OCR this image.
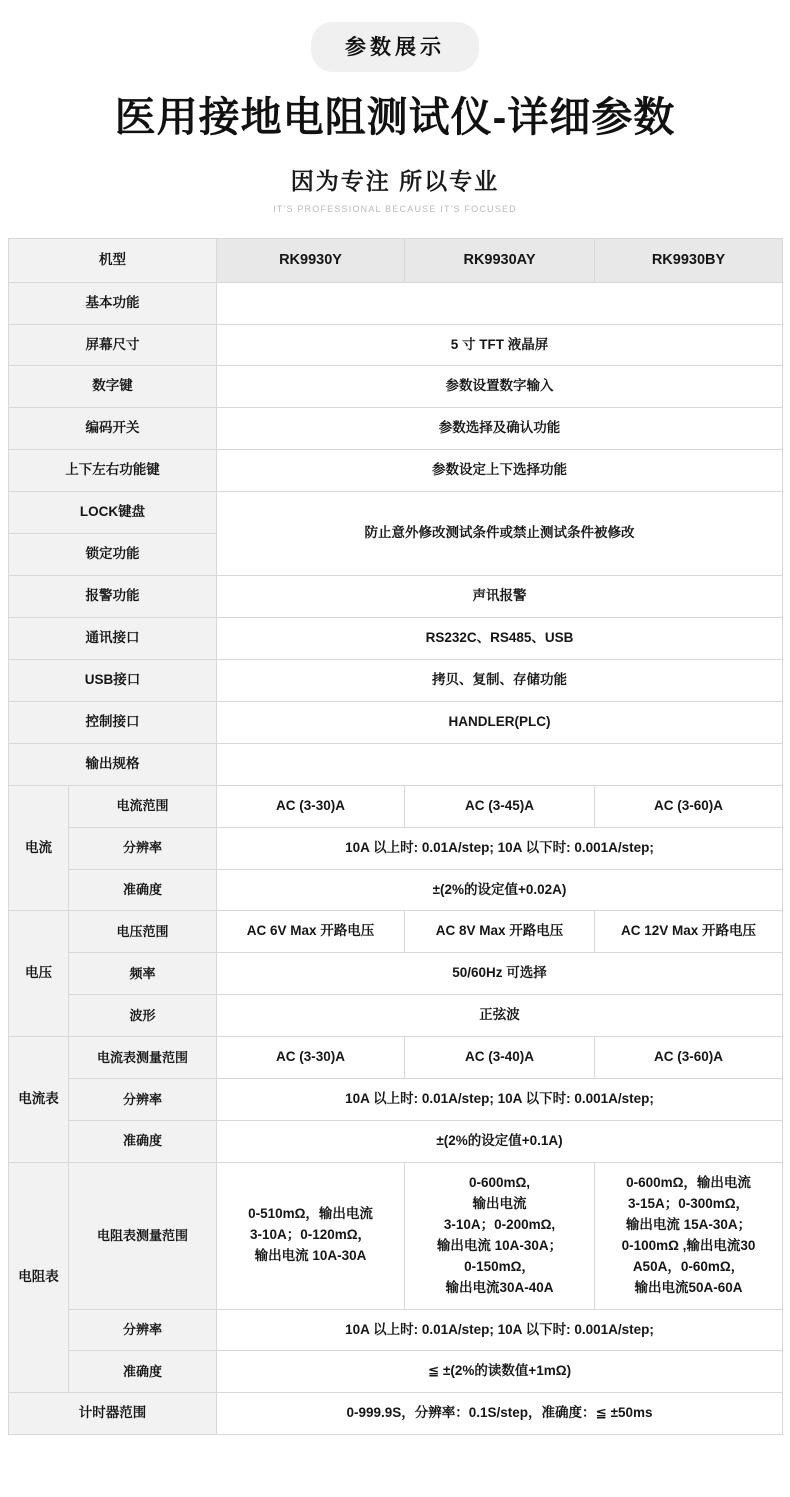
参数展示
医用接地电阻测试仪-详细参数
因为专注 所以专业
IT'S PROFESSIONAL BECAUSE IT'S FOCUSED
机型		RK9930Y	RK9930AY	RK9930BY
基本功能				
屏幕尺寸		5 寸 TFT 液晶屏		
数字键		参数设置数字输入		
编码开关		参数选择及确认功能		
上下左右功能键		参数设定上下选择功能		
LOCK键盘		防止意外修改测试条件或禁止测试条件被修改		
锁定功能				
报警功能		声讯报警		
通讯接口		RS232C、RS485、USB		
USB接口		拷贝、复制、存储功能		
控制接口		HANDLER(PLC)		
输出规格				
电流	电流范围	AC (3-30)A	AC (3-45)A	AC (3-60)A
	分辨率	10A 以上时: 0.01A/step; 10A 以下时: 0.001A/step;		
	准确度	±(2%的设定值+0.02A)		
电压	电压范围	AC 6V Max 开路电压	AC 8V Max 开路电压	AC 12V Max 开路电压
	频率	50/60Hz 可选择		
	波形	正弦波		
电流表	电流表测量范围	AC (3-30)A	AC (3-40)A	AC (3-60)A
	分辨率	10A 以上时: 0.01A/step; 10A 以下时: 0.001A/step;		
	准确度	±(2%的设定值+0.1A)		
电阻表	电阻表测量范围	0-510mΩ，输出电流
3-10A；0-120mΩ，
输出电流 10A-30A	0-600mΩ,
输出电流
3-10A；0-200mΩ,
输出电流 10A-30A；
0-150mΩ，
输出电流30A-40A	0-600mΩ，输出电流
3-15A；0-300mΩ，
输出电流 15A-30A；
0-100mΩ ,输出电流30
A50A，0-60mΩ，
输出电流50A-60A
	分辨率	10A 以上时: 0.01A/step; 10A 以下时: 0.001A/step;		
	准确度	≦ ±(2%的读数值+1mΩ)		
计时器范围		0-999.9S，分辨率：0.1S/step，准确度：≦ ±50ms		
